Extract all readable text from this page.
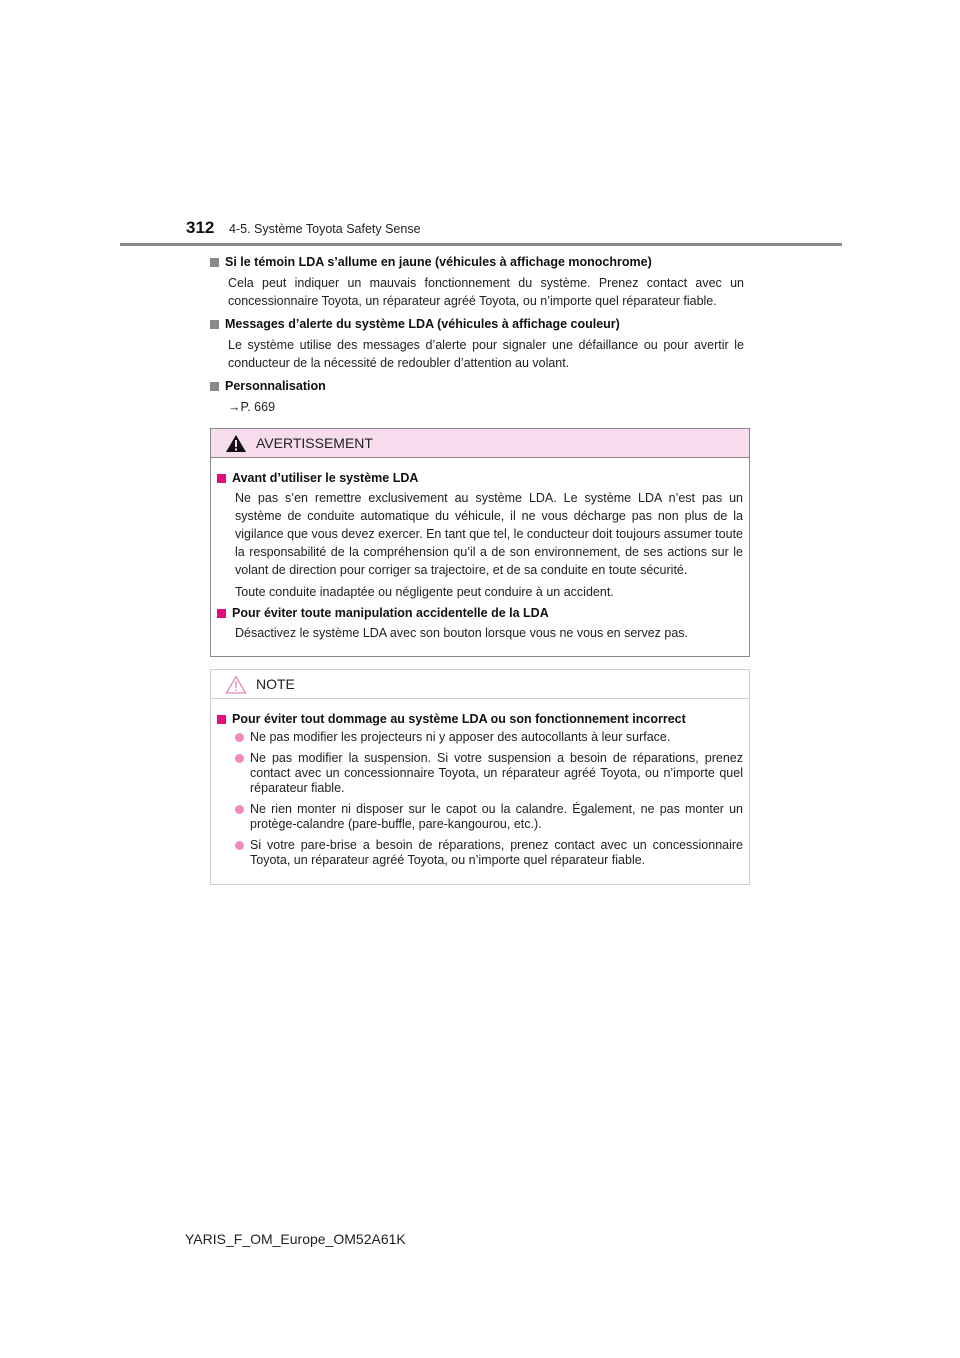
312 4-5. Système Toyota Safety Sense
Si le témoin LDA s’allume en jaune (véhicules à affichage monochrome)

Cela peut indiquer un mauvais fonctionnement du système. Prenez contact avec un concessionnaire Toyota, un réparateur agréé Toyota, ou n’importe quel réparateur fiable.

Messages d’alerte du système LDA (véhicules à affichage couleur)

Le système utilise des messages d’alerte pour signaler une défaillance ou pour avertir le conducteur de la nécessité de redoubler d’attention au volant.

Personnalisation

→P. 669

AVERTISSEMENT
Avant d’utiliser le système LDA

Ne pas s’en remettre exclusivement au système LDA. Le système LDA n’est pas un système de conduite automatique du véhicule, il ne vous décharge pas non plus de la vigilance que vous devez exercer. En tant que tel, le conducteur doit toujours assumer toute la responsabilité de la compréhension qu’il a de son environnement, de ses actions sur le volant de direction pour corriger sa trajectoire, et de sa conduite en toute sécurité.

Toute conduite inadaptée ou négligente peut conduire à un accident.

Pour éviter toute manipulation accidentelle de la LDA

Désactivez le système LDA avec son bouton lorsque vous ne vous en servez pas.

NOTE
Pour éviter tout dommage au système LDA ou son fonctionnement incorrect
Ne pas modifier les projecteurs ni y apposer des autocollants à leur surface.
Ne pas modifier la suspension. Si votre suspension a besoin de réparations, prenez contact avec un concessionnaire Toyota, un réparateur agréé Toyota, ou n’importe quel réparateur fiable.
Ne rien monter ni disposer sur le capot ou la calandre. Également, ne pas monter un protège-calandre (pare-buffle, pare-kangourou, etc.).
Si votre pare-brise a besoin de réparations, prenez contact avec un concessionnaire Toyota, un réparateur agréé Toyota, ou n’importe quel réparateur fiable.
YARIS_F_OM_Europe_OM52A61K
